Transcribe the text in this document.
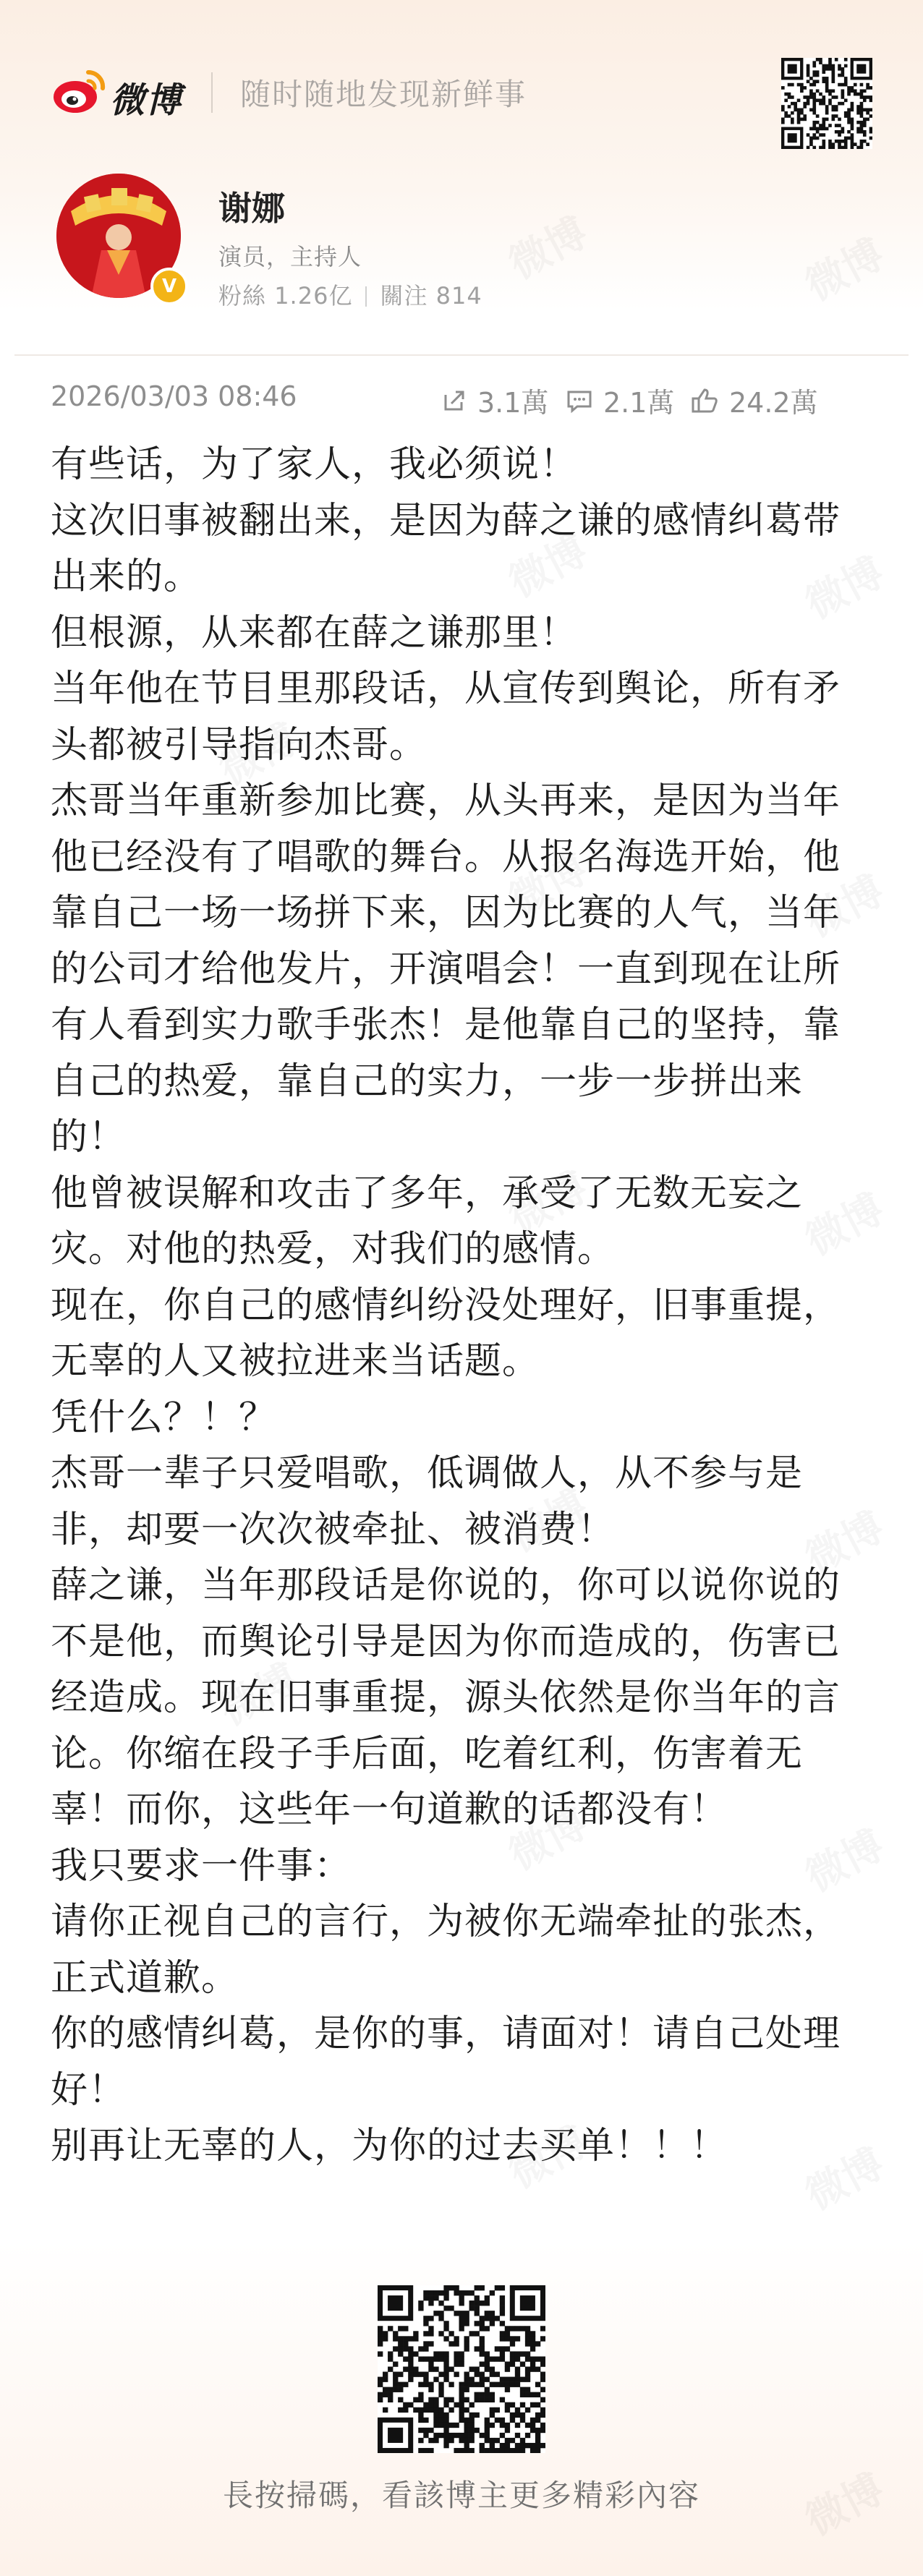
微博 随时随地发现新鲜事
V
谢娜
演员，主持人
粉絲 1.26亿 關注 814
2026/03/03 08:46	3.1萬 2.1萬 24.2萬

有些话，为了家人，我必须说！

这次旧事被翻出来，是因为薛之谦的感情纠葛带出来的。

但根源，从来都在薛之谦那里！

当年他在节目里那段话，从宣传到舆论，所有矛头都被引导指向杰哥。

杰哥当年重新参加比赛，从头再来，是因为当年他已经没有了唱歌的舞台。从报名海选开始，他靠自己一场一场拼下来，因为比赛的人气，当年的公司才给他发片，开演唱会！一直到现在让所有人看到实力歌手张杰！是他靠自己的坚持，靠自己的热爱，靠自己的实力，一步一步拼出来的！

他曾被误解和攻击了多年，承受了无数无妄之灾。对他的热爱，对我们的感情。

现在，你自己的感情纠纷没处理好，旧事重提，无辜的人又被拉进来当话题。

凭什么？！？

杰哥一辈子只爱唱歌，低调做人，从不参与是非，却要一次次被牵扯、被消费！

薛之谦，当年那段话是你说的，你可以说你说的不是他，而舆论引导是因为你而造成的，伤害已经造成。现在旧事重提，源头依然是你当年的言论。你缩在段子手后面，吃着红利，伤害着无辜！而你，这些年一句道歉的话都没有！

我只要求一件事：

请你正视自己的言行，为被你无端牵扯的张杰，正式道歉。

你的感情纠葛，是你的事，请面对！请自己处理好！

别再让无辜的人，为你的过去买单！！！

長按掃碼，看該博主更多精彩內容
